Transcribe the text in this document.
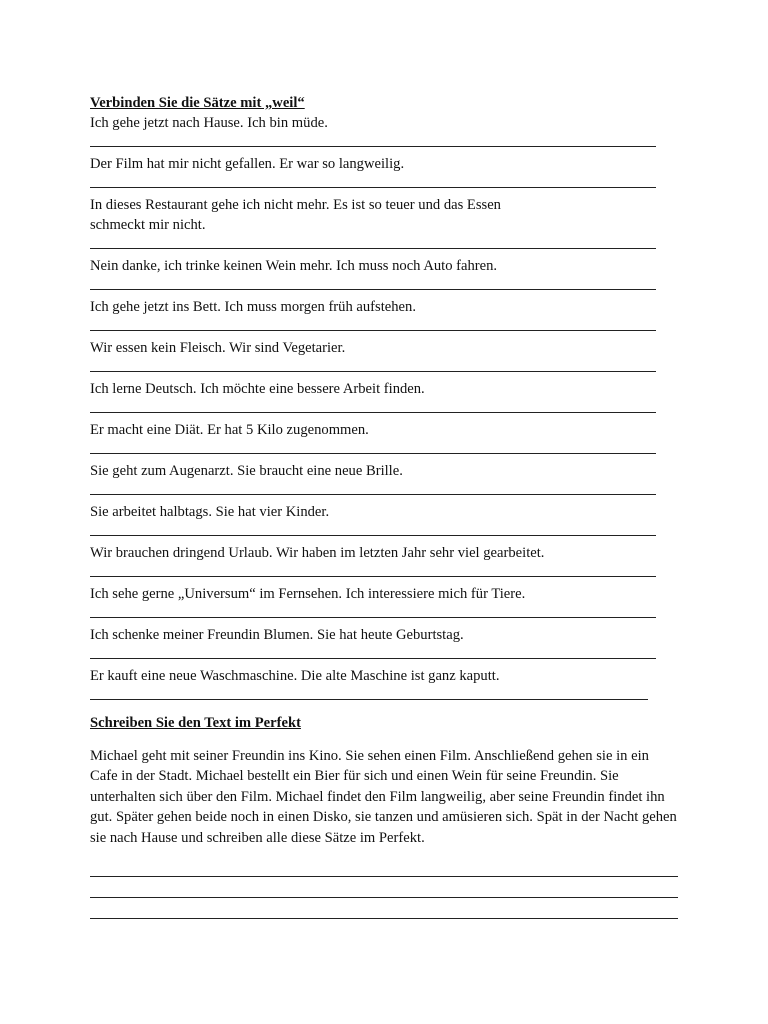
Verbinden Sie die Sätze mit „weil“

Ich gehe jetzt nach Hause. Ich bin müde.

Der Film hat mir nicht gefallen. Er war so langweilig.

In dieses Restaurant gehe ich nicht mehr. Es ist so teuer und das Essen
schmeckt mir nicht.

Nein danke, ich trinke keinen Wein mehr. Ich muss noch Auto fahren.

Ich gehe jetzt ins Bett. Ich muss morgen früh aufstehen.

Wir essen kein Fleisch. Wir sind Vegetarier.

Ich lerne Deutsch. Ich möchte eine bessere Arbeit finden.

Er macht eine Diät. Er hat 5 Kilo zugenommen.

Sie geht zum Augenarzt. Sie braucht eine neue Brille.

Sie arbeitet halbtags. Sie hat vier Kinder.

Wir brauchen dringend Urlaub. Wir haben im letzten Jahr sehr viel gearbeitet.

Ich sehe gerne „Universum“ im Fernsehen. Ich interessiere mich für Tiere.

Ich schenke meiner Freundin Blumen. Sie hat heute Geburtstag.

Er kauft eine neue Waschmaschine. Die alte Maschine ist ganz kaputt.

Schreiben Sie den Text im Perfekt

Michael geht mit seiner Freundin ins Kino. Sie sehen einen Film. Anschließend gehen sie in ein Cafe in der Stadt. Michael bestellt ein Bier für sich und einen Wein für seine Freundin. Sie unterhalten sich über den Film. Michael findet den Film langweilig, aber seine Freundin findet ihn gut. Später gehen beide noch in einen Disko, sie tanzen und amüsieren sich. Spät in der Nacht gehen sie nach Hause und schreiben alle diese Sätze im Perfekt.
